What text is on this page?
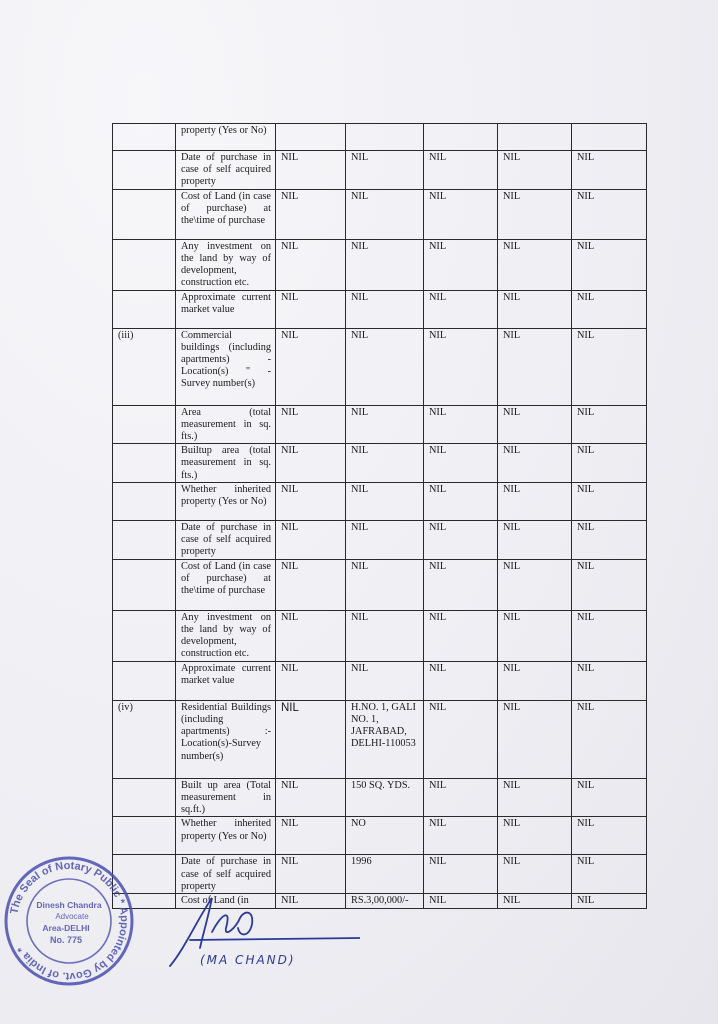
	property (Yes or No)					
	Date of purchase in case of self acquired property	NIL	NIL	NIL	NIL	NIL
	Cost of Land (in case of purchase) at the\time of purchase	NIL	NIL	NIL	NIL	NIL
	Any investment on the land by way of development, construction etc.	NIL	NIL	NIL	NIL	NIL
	Approximate current market value	NIL	NIL	NIL	NIL	NIL
(iii)	Commercial buildings (including apartments) - Location(s) " - Survey number(s)	NIL	NIL	NIL	NIL	NIL
	Area (total measurement in sq. fts.)	NIL	NIL	NIL	NIL	NIL
	Builtup area (total measurement in sq. fts.)	NIL	NIL	NIL	NIL	NIL
	Whether inherited property (Yes or No)	NIL	NIL	NIL	NIL	NIL
	Date of purchase in case of self acquired property	NIL	NIL	NIL	NIL	NIL
	Cost of Land (in case of purchase) at the\time of purchase	NIL	NIL	NIL	NIL	NIL
	Any investment on the land by way of development, construction etc.	NIL	NIL	NIL	NIL	NIL
	Approximate current market value	NIL	NIL	NIL	NIL	NIL
(iv)	Residential Buildings (including apartments) :- Location(s)-Survey number(s)	NIL	H.NO. 1, GALI NO. 1, JAFRABAD, DELHI-110053	NIL	NIL	NIL
	Built up area (Total measurement in sq.ft.)	NIL	150 SQ. YDS.	NIL	NIL	NIL
	Whether inherited property (Yes or No)	NIL	NO	NIL	NIL	NIL
	Date of purchase in case of self acquired property	NIL	1996	NIL	NIL	NIL
	Cost of Land (in	NIL	RS.3,00,000/-	NIL	NIL	NIL
The Seal of Notary Public * Appointed by Govt. of India *
Dinesh Chandra
Advocate
Area-DELHI
No. 775
(MA CHAND)
